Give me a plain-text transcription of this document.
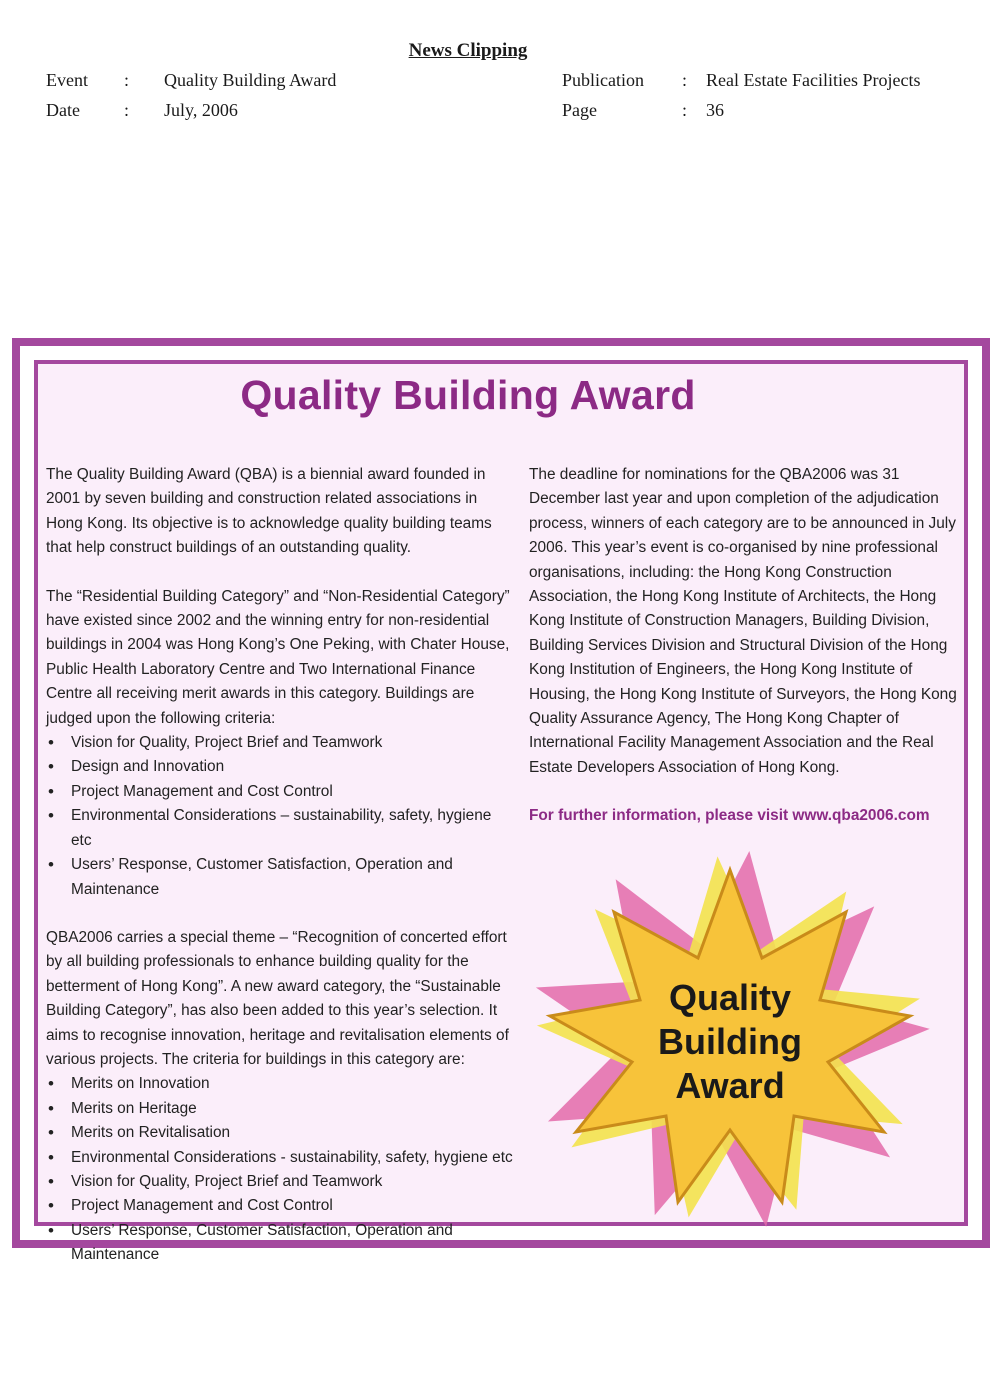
News Clipping
Event : Quality Building Award
Date : July, 2006
Publication : Real Estate Facilities Projects
Page	: 36
Quality Building Award

The Quality Building Award (QBA) is a biennial award founded in 2001 by seven building and construction related associations in Hong Kong. Its objective is to acknowledge quality building teams that help construct buildings of an outstanding quality.

The “Residential Building Category” and “Non-Residential Category” have existed since 2002 and the winning entry for non-residential buildings in 2004 was Hong Kong’s One Peking, with Chater House, Public Health Laboratory Centre and Two International Finance Centre all receiving merit awards in this category. Buildings are judged upon the following criteria:

• Vision for Quality, Project Brief and Teamwork
• Design and Innovation
• Project Management and Cost Control
• Environmental Considerations – sustainability, safety, hygiene etc
• Users’ Response, Customer Satisfaction, Operation and Maintenance

QBA2006 carries a special theme – “Recognition of concerted effort by all building professionals to enhance building quality for the betterment of Hong Kong”. A new award category, the “Sustainable Building Category”, has also been added to this year’s selection. It aims to recognise innovation, heritage and revitalisation elements of various projects. The criteria for buildings in this category are:

• Merits on Innovation
• Merits on Heritage
• Merits on Revitalisation
• Environmental Considerations - sustainability, safety, hygiene etc
• Vision for Quality, Project Brief and Teamwork
• Project Management and Cost Control
• Users’ Response, Customer Satisfaction, Operation and Maintenance

The deadline for nominations for the QBA2006 was 31 December last year and upon completion of the adjudication process, winners of each category are to be announced in July 2006. This year’s event is co-organised by nine professional organisations, including: the Hong Kong Construction Association, the Hong Kong Institute of Architects, the Hong Kong Institute of Construction Managers, Building Division, Building Services Division and Structural Division of the Hong Kong Institution of Engineers, the Hong Kong Institute of Housing, the Hong Kong Institute of Surveyors, the Hong Kong Quality Assurance Agency, The Hong Kong Chapter of International Facility Management Association and the Real Estate Developers Association of Hong Kong.

For further information, please visit www.qba2006.com

Quality
Building
Award
